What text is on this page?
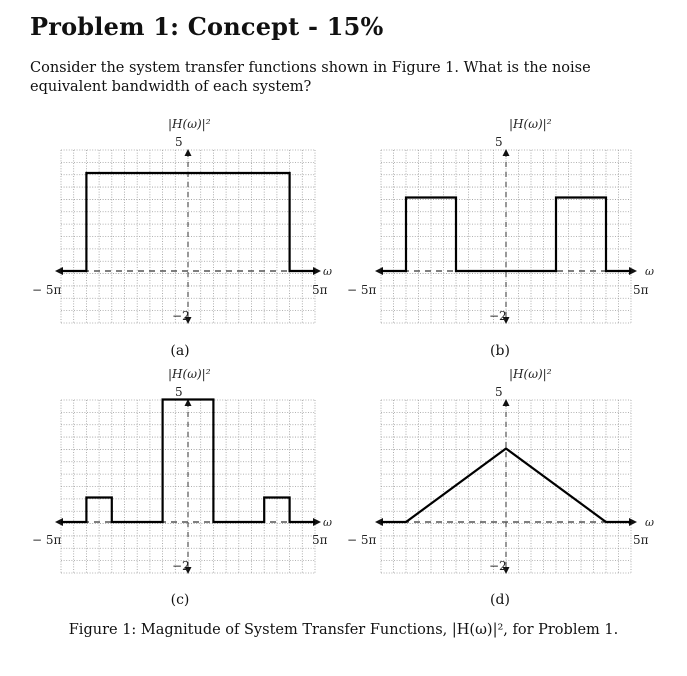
Problem 1: Concept - 15%

Consider the system transfer functions shown in Figure 1. What is the noise equivalent bandwidth of each system?

|H(ω)|²
5
−2
− 5π	5π
ω
(a)
|H(ω)|²
5
−2
− 5π	5π
ω
(b)
|H(ω)|²
5
−2
− 5π	5π
ω
(c)
|H(ω)|²
5
−2
− 5π	5π
ω
(d)
Figure 1: Magnitude of System Transfer Functions, |H(ω)|², for Problem 1.
